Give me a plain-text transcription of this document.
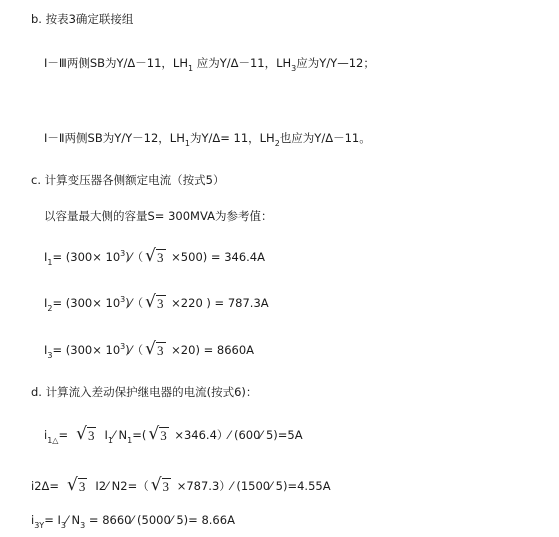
b. 按表3确定联接组
Ⅰ－Ⅲ两侧SB为Y/Δ－11，$LH_1$ 应为Y/Δ－11，$LH_3$应为Y/Y—12；
Ⅰ－Ⅱ两侧SB为Y/Y－12，$LH_1$为Y/Δ= 11，$LH_2$也应为Y/Δ－11。
c. 计算变压器各侧额定电流（按式5）
以容量最大侧的容量S= 300MVA为参考值：
$I_1= (300\times$ $10^3)⁄$（ √ 3 ×500) = 346.4A
$I_2= (300\times$ $10^3)⁄$（ √ 3 ×220 ) = 787.3A
$I_3= (300\times$ $10^3)⁄$（ √ 3 ×20) = 8660A
d. 计算流入差动保护继电器的电流(按式6)：
$i_{1\triangle}=$ √ 3 $I_1⁄$ $N_1=$( √ 3 ×346.4）⁄ (600⁄ 5)=5A
i2Δ= √ 3 I2⁄ N2=（ √ 3 ×787.3）⁄ (1500⁄ 5)=4.55A
$i_{3Y}=$ $I_3⁄$ $N_3$ = 8660⁄ (5000⁄ 5)= 8.66A
